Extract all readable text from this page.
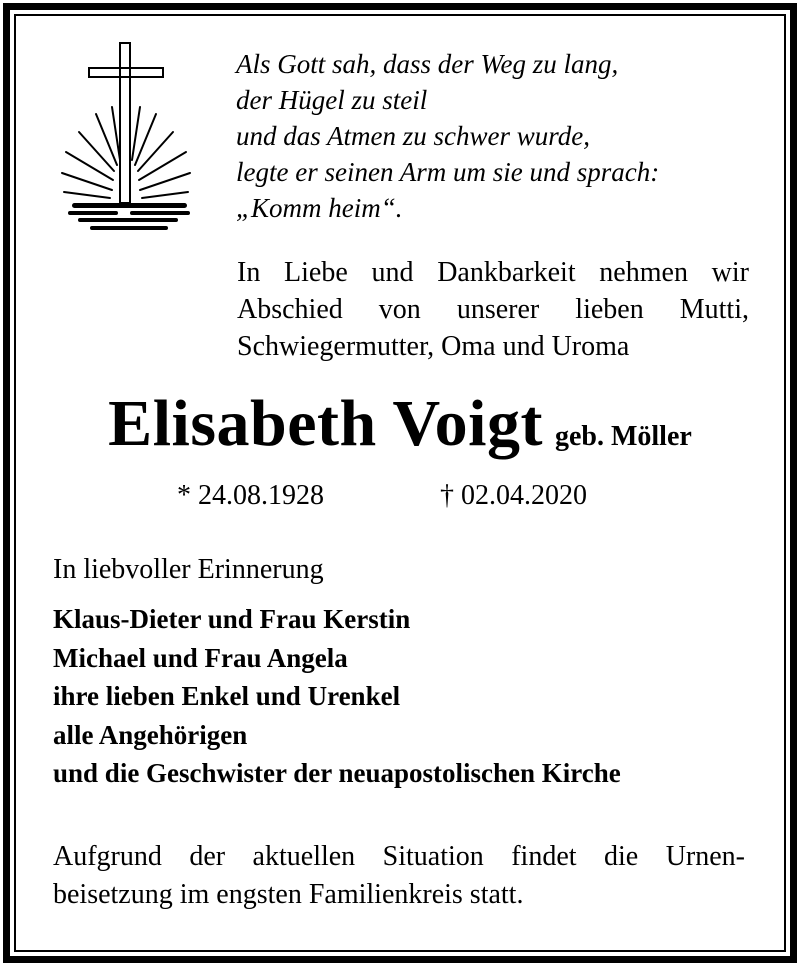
Als Gott sah, dass der Weg zu lang,
der Hügel zu steil
und das Atmen zu schwer wurde,
legte er seinen Arm um sie und sprach:
„Komm heim“.
In Liebe und Dankbarkeit nehmen wir
Abschied von unserer lieben Mutti,
Schwiegermutter, Oma und Uroma
Elisabeth Voigt geb. Möller
* 24.08.1928	† 02.04.2020
In liebvoller Erinnerung
Klaus-Dieter und Frau Kerstin
Michael und Frau Angela
ihre lieben Enkel und Urenkel
alle Angehörigen
und die Geschwister der neuapostolischen Kirche
Aufgrund der aktuellen Situation findet die Urnen-
beisetzung im engsten Familienkreis statt.
